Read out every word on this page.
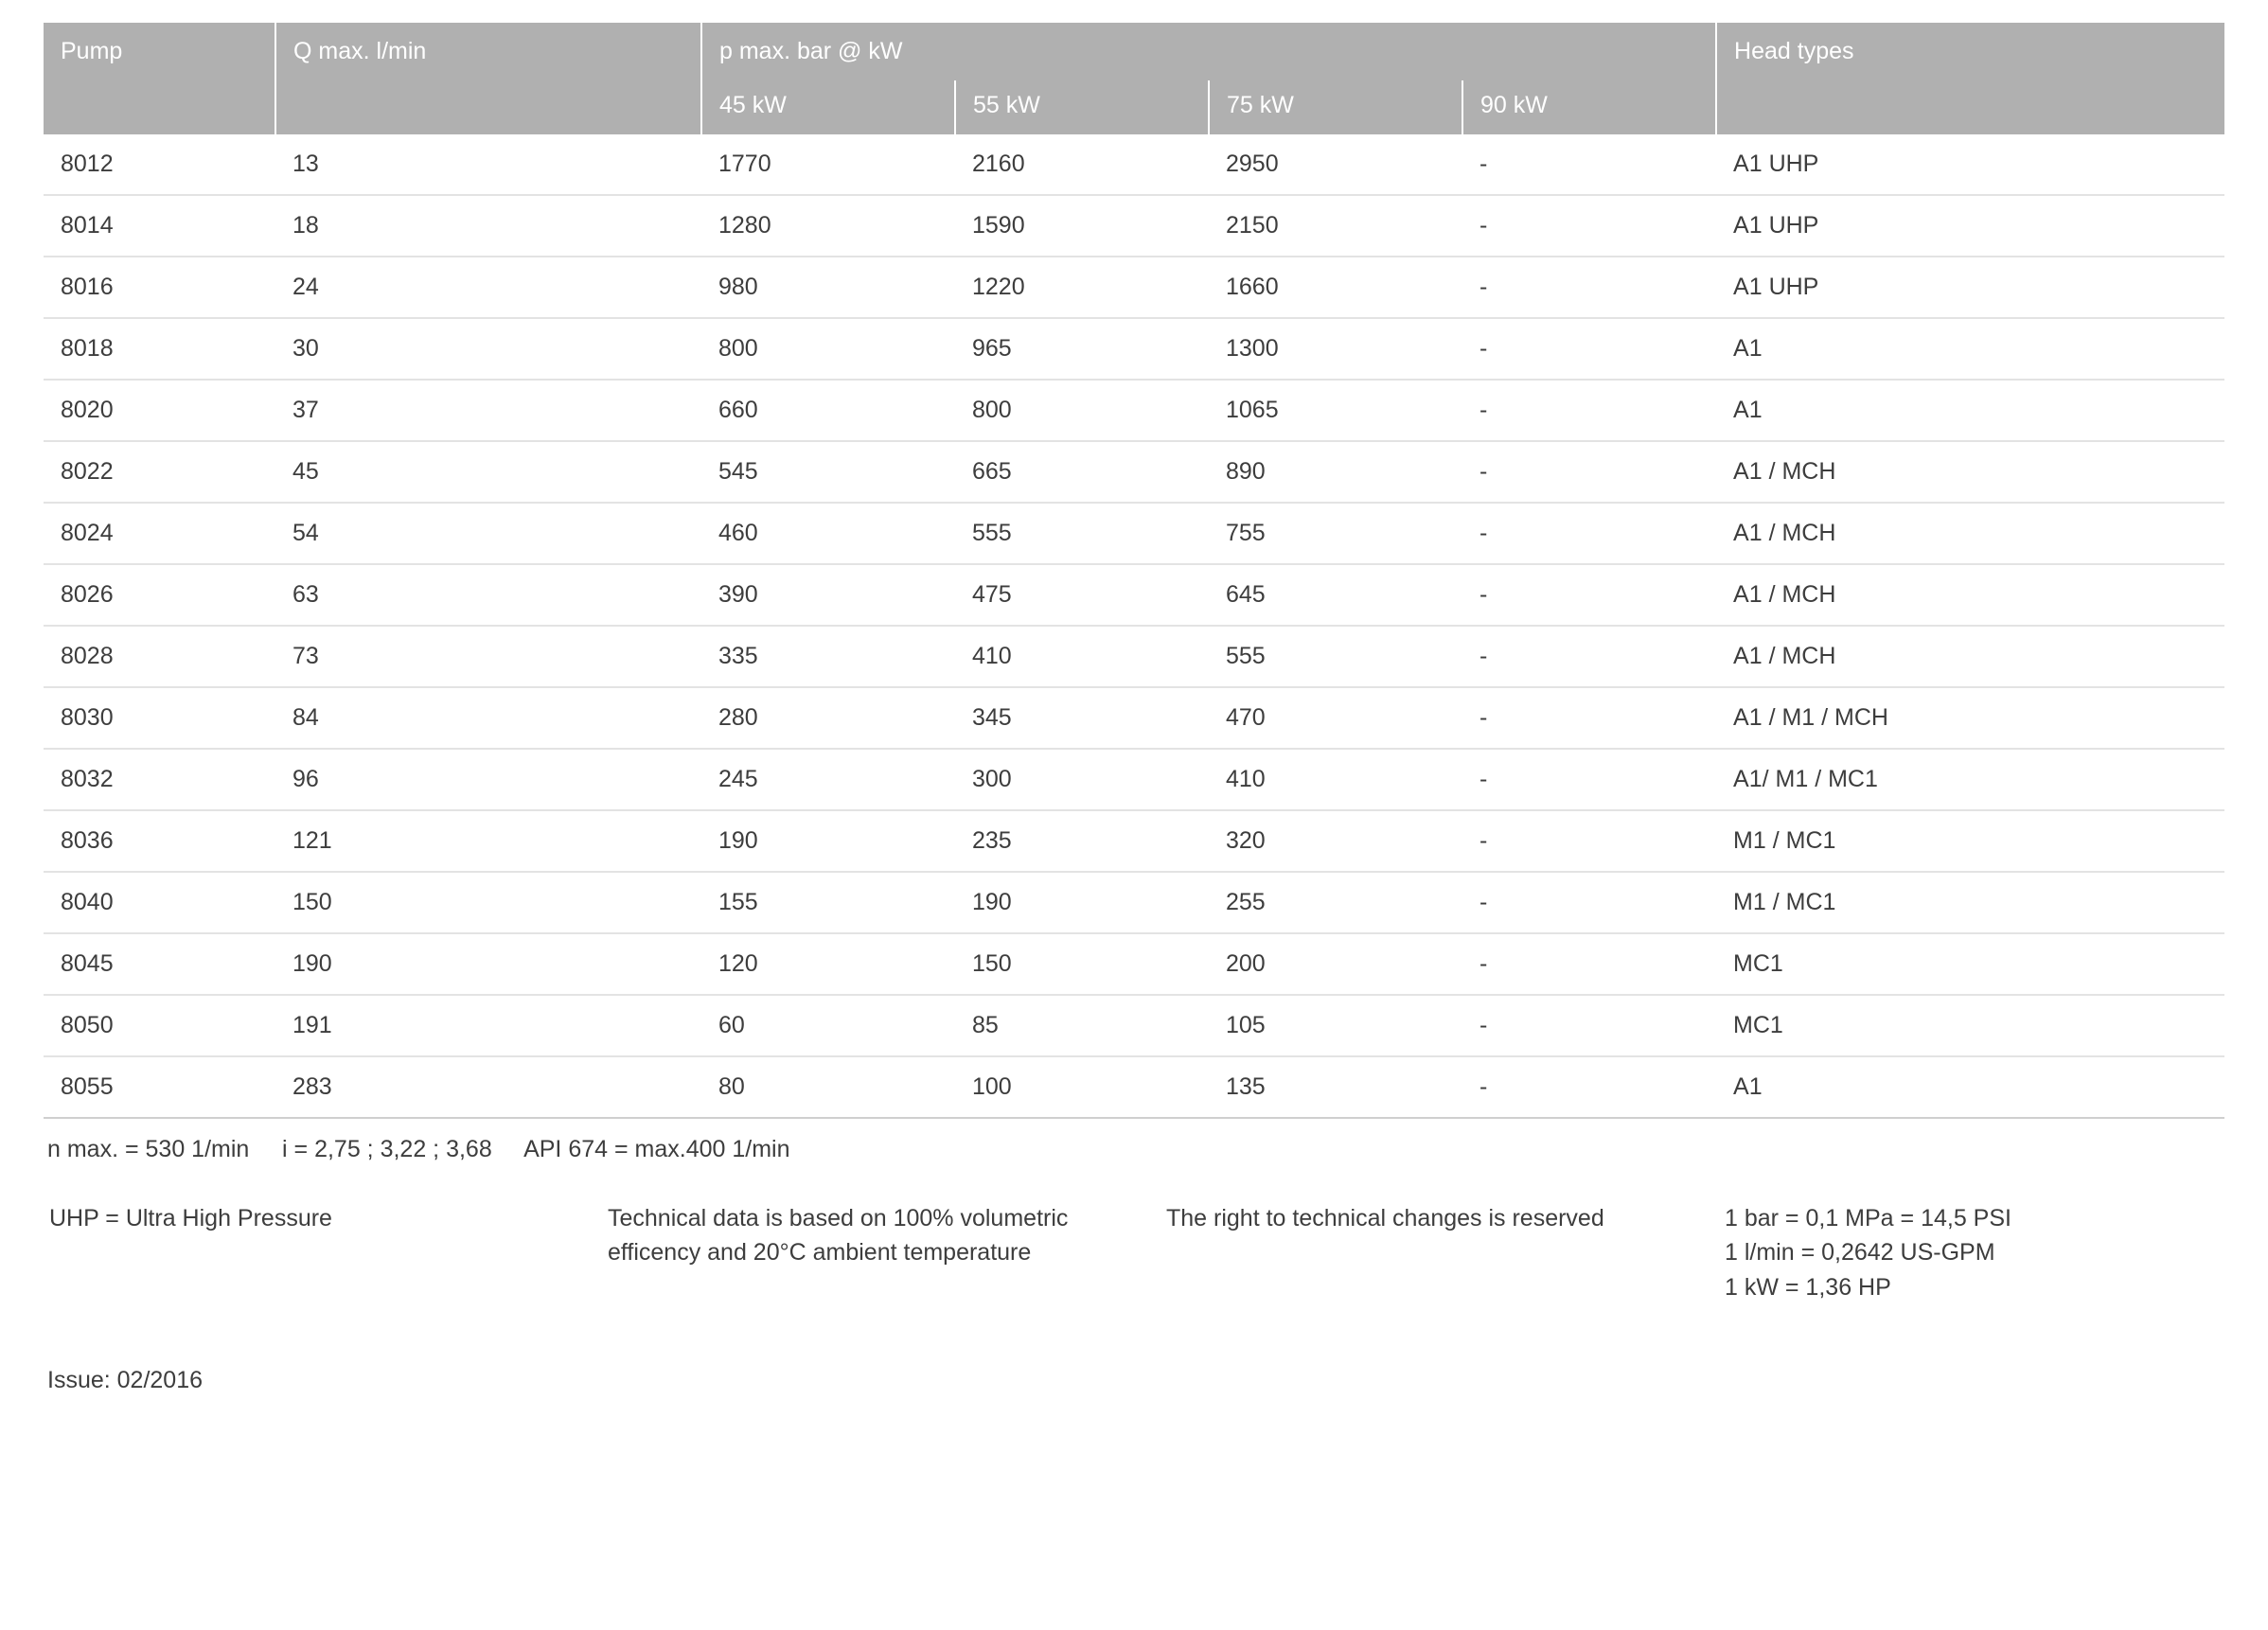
Pump	Q max. l/min	p max. bar @ kW				Head types
		45 kW	55 kW	75 kW	90 kW	
8012	13	1770	2160	2950	-	A1 UHP
8014	18	1280	1590	2150	-	A1 UHP
8016	24	980	1220	1660	-	A1 UHP
8018	30	800	965	1300	-	A1
8020	37	660	800	1065	-	A1
8022	45	545	665	890	-	A1 / MCH
8024	54	460	555	755	-	A1 / MCH
8026	63	390	475	645	-	A1 / MCH
8028	73	335	410	555	-	A1 / MCH
8030	84	280	345	470	-	A1 / M1 / MCH
8032	96	245	300	410	-	A1/ M1 / MC1
8036	121	190	235	320	-	M1 / MC1
8040	150	155	190	255	-	M1 / MC1
8045	190	120	150	200	-	MC1
8050	191	60	85	105	-	MC1
8055	283	80	100	135	-	A1
n max. = 530 1/min     i = 2,75 ; 3,22 ; 3,68     API 674 = max.400 1/min
UHP = Ultra High Pressure	Technical data is based on 100% volumetric efficency and 20°C ambient temperature
The right to technical changes is reserved	1 bar = 0,1 MPa = 14,5 PSI
1 l/min = 0,2642 US-GPM
1 kW = 1,36 HP
Issue: 02/2016
